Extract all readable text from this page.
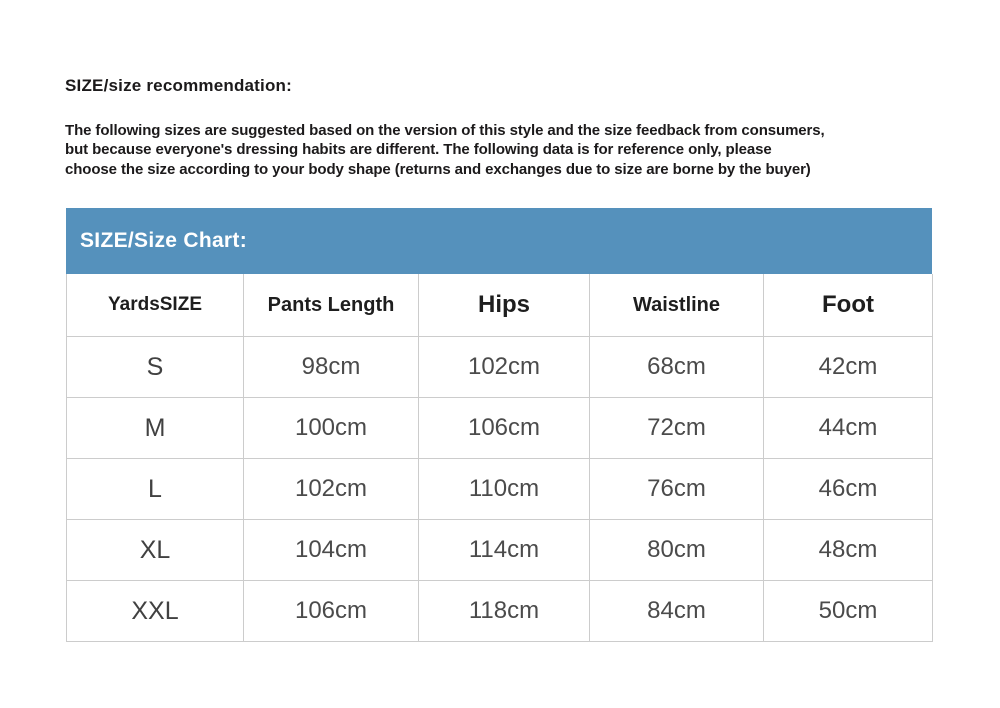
SIZE/size recommendation:
The following sizes are suggested based on the version of this style and the size feedback from consumers,
but because everyone's dressing habits are different. The following data is for reference only, please
choose the size according to your body shape (returns and exchanges due to size are borne by the buyer)
SIZE/Size Chart:
YardsSIZE	Pants Length	Hips	Waistline	Foot
S	98cm	102cm	68cm	42cm
M	100cm	106cm	72cm	44cm
L	102cm	110cm	76cm	46cm
XL	104cm	114cm	80cm	48cm
XXL	106cm	118cm	84cm	50cm
